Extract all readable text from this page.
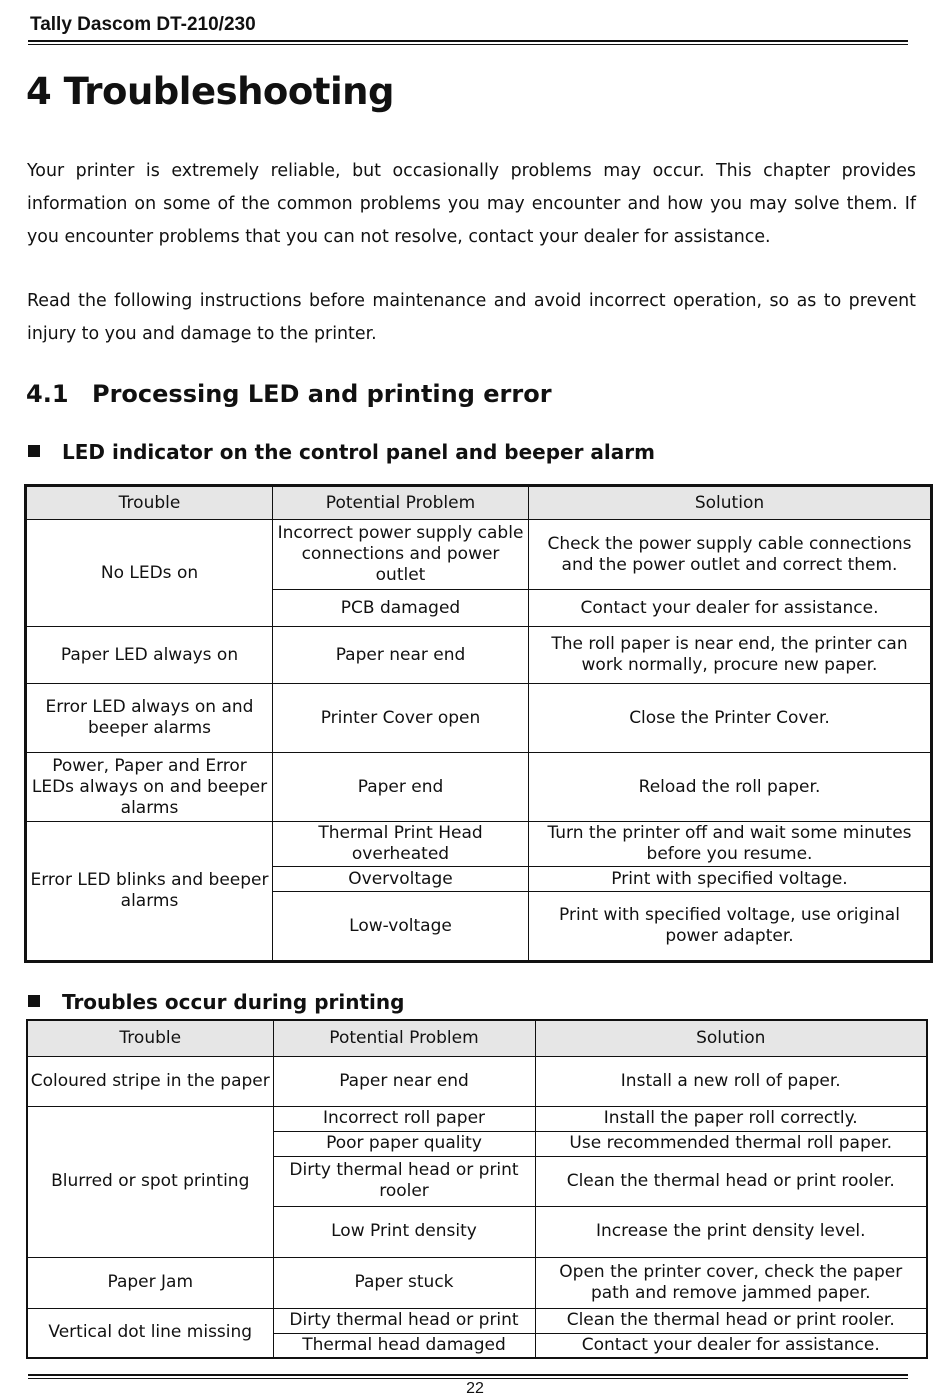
Tally Dascom DT-210/230
4 Troubleshooting
Your printer is extremely reliable, but occasionally problems may occur. This chapter provides information on some of the common problems you may encounter and how you may solve them. If you encounter problems that you can not resolve, contact your dealer for assistance.
Read the following instructions before maintenance and avoid incorrect operation, so as to prevent injury to you and damage to the printer.
4.1 Processing LED and printing error
LED indicator on the control panel and beeper alarm
Trouble	Potential Problem	Solution
No LEDs on	Incorrect power supply cable connections and power outlet	Check the power supply cable connections and the power outlet and correct them.
	PCB damaged	Contact your dealer for assistance.
Paper LED always on	Paper near end	The roll paper is near end, the printer can work normally, procure new paper.
Error LED always on and beeper alarms	Printer Cover open	Close the Printer Cover.
Power, Paper and Error LEDs always on and beeper alarms	Paper end	Reload the roll paper.
Error LED blinks and beeper alarms	Thermal Print Head overheated	Turn the printer off and wait some minutes before you resume.
	Overvoltage	Print with specified voltage.
	Low-voltage	Print with specified voltage, use original power adapter.
Troubles occur during printing
Trouble	Potential Problem	Solution
Coloured stripe in the paper	Paper near end	Install a new roll of paper.
Blurred or spot printing	Incorrect roll paper	Install the paper roll correctly.
	Poor paper quality	Use recommended thermal roll paper.
	Dirty thermal head or print rooler	Clean the thermal head or print rooler.
	Low Print density	Increase the print density level.
Paper Jam	Paper stuck	Open the printer cover, check the paper path and remove jammed paper.
Vertical dot line missing	Dirty thermal head or print	Clean the thermal head or print rooler.
	Thermal head damaged	Contact your dealer for assistance.
22
